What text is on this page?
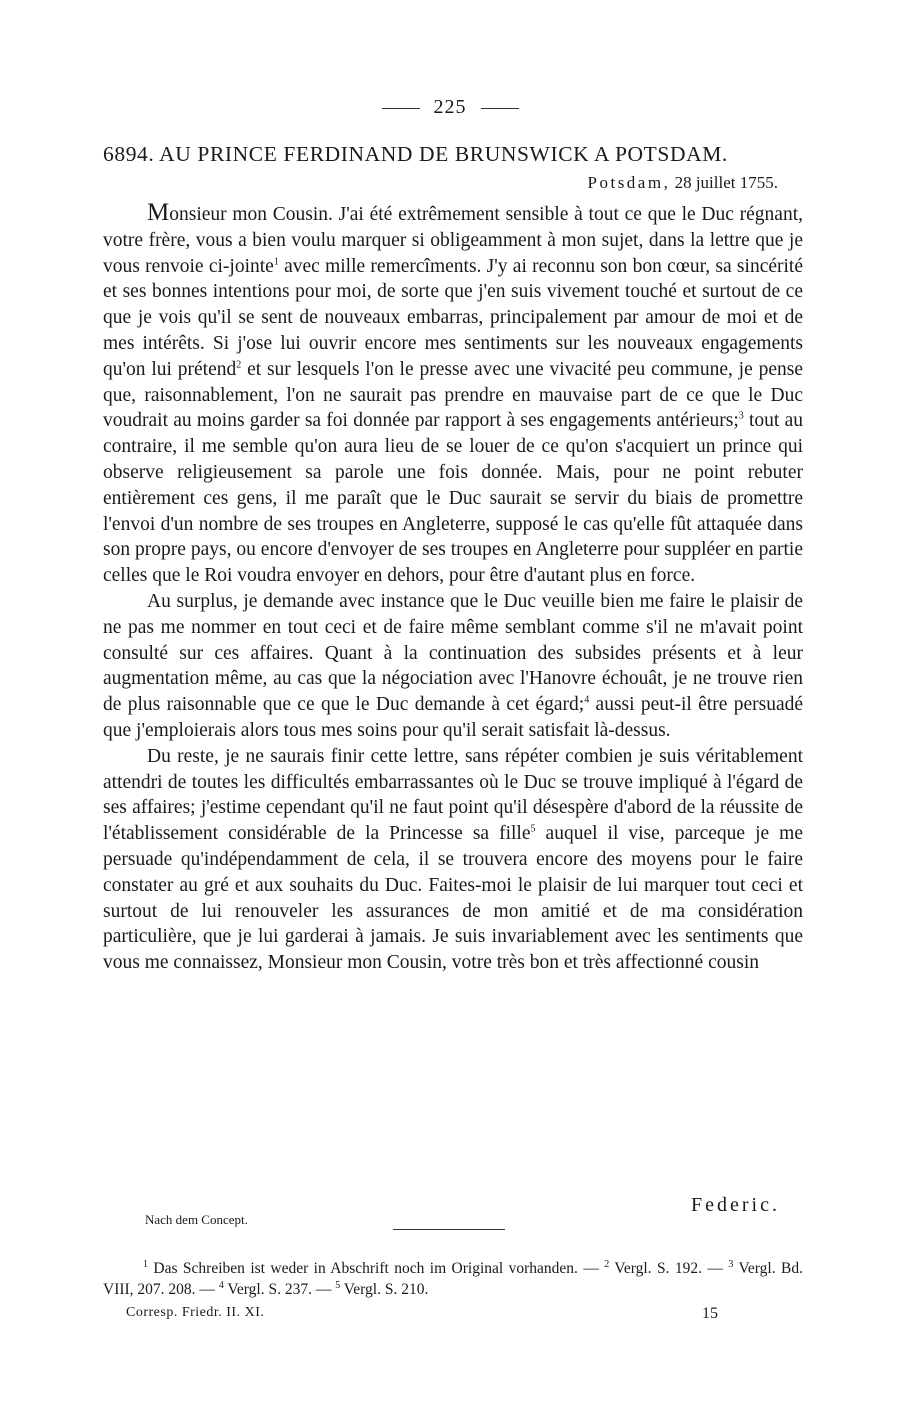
225
6894. AU PRINCE FERDINAND DE BRUNSWICK A POTSDAM.
Potsdam, 28 juillet 1755.

Monsieur mon Cousin. J'ai été extrêmement sensible à tout ce que le Duc régnant, votre frère, vous a bien voulu marquer si obligeamment à mon sujet, dans la lettre que je vous renvoie ci-jointe$^1$ avec mille remercîments. J'y ai reconnu son bon cœur, sa sincérité et ses bonnes intentions pour moi, de sorte que j'en suis vivement touché et surtout de ce que je vois qu'il se sent de nouveaux embarras, principalement par amour de moi et de mes intérêts. Si j'ose lui ouvrir encore mes sentiments sur les nouveaux engagements qu'on lui prétend$^2$ et sur lesquels l'on le presse avec une vivacité peu commune, je pense que, raisonnablement, l'on ne saurait pas prendre en mauvaise part de ce que le Duc voudrait au moins garder sa foi donnée par rapport à ses engagements antérieurs;$^3$ tout au contraire, il me semble qu'on aura lieu de se louer de ce qu'on s'acquiert un prince qui observe religieusement sa parole une fois donnée. Mais, pour ne point rebuter entièrement ces gens, il me paraît que le Duc saurait se servir du biais de promettre l'envoi d'un nombre de ses troupes en Angleterre, supposé le cas qu'elle fût attaquée dans son propre pays, ou encore d'envoyer de ses troupes en Angleterre pour suppléer en partie celles que le Roi voudra envoyer en dehors, pour être d'autant plus en force.

Au surplus, je demande avec instance que le Duc veuille bien me faire le plaisir de ne pas me nommer en tout ceci et de faire même semblant comme s'il ne m'avait point consulté sur ces affaires. Quant à la continuation des subsides présents et à leur augmentation même, au cas que la négociation avec l'Hanovre échouât, je ne trouve rien de plus raisonnable que ce que le Duc demande à cet égard;$^4$ aussi peut-il être persuadé que j'emploierais alors tous mes soins pour qu'il serait satisfait là-dessus.

Du reste, je ne saurais finir cette lettre, sans répéter combien je suis véritablement attendri de toutes les difficultés embarrassantes où le Duc se trouve impliqué à l'égard de ses affaires; j'estime cependant qu'il ne faut point qu'il désespère d'abord de la réussite de l'établissement considérable de la Princesse sa fille$^5$ auquel il vise, parceque je me persuade qu'indépendamment de cela, il se trouvera encore des moyens pour le faire constater au gré et aux souhaits du Duc. Faites-moi le plaisir de lui marquer tout ceci et surtout de lui renouveler les assurances de mon amitié et de ma considération particulière, que je lui garderai à jamais. Je suis invariablement avec les sentiments que vous me connaissez, Monsieur mon Cousin, votre très bon et très affectionné cousin

Federic.
Nach dem Concept.

$^1$ Das Schreiben ist weder in Abschrift noch im Original vorhanden. — $^2$ Vergl. S. 192. — $^3$ Vergl. Bd. VIII, 207. 208. — $^4$ Vergl. S. 237. — $^5$ Vergl. S. 210.

Corresp. Friedr. II. XI.	15
